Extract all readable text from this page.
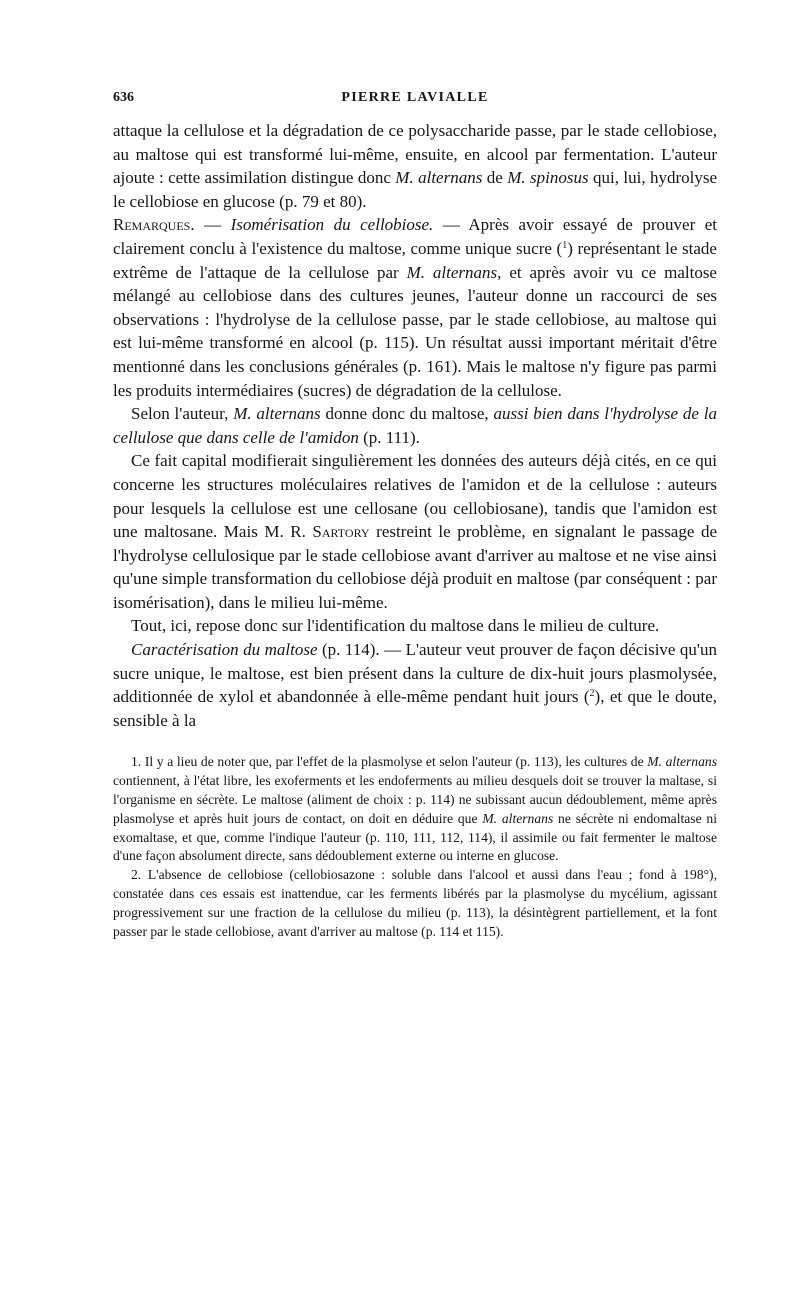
636	PIERRE LAVIALLE

attaque la cellulose et la dégradation de ce polysaccharide passe, par le stade cellobiose, au maltose qui est transformé lui-même, ensuite, en alcool par fermentation. L'auteur ajoute : cette assimilation distingue donc M. alternans de M. spinosus qui, lui, hydrolyse le cellobiose en glucose (p. 79 et 80).

Remarques. — Isomérisation du cellobiose. — Après avoir essayé de prouver et clairement conclu à l'existence du maltose, comme unique sucre ($^1$) représentant le stade extrême de l'attaque de la cellulose par M. alternans, et après avoir vu ce maltose mélangé au cellobiose dans des cultures jeunes, l'auteur donne un raccourci de ses observations : l'hydrolyse de la cellulose passe, par le stade cellobiose, au maltose qui est lui-même transformé en alcool (p. 115). Un résultat aussi important méritait d'être mentionné dans les conclusions générales (p. 161). Mais le maltose n'y figure pas parmi les produits intermédiaires (sucres) de dégradation de la cellulose.

Selon l'auteur, M. alternans donne donc du maltose, aussi bien dans l'hydrolyse de la cellulose que dans celle de l'amidon (p. 111).

Ce fait capital modifierait singulièrement les données des auteurs déjà cités, en ce qui concerne les structures moléculaires relatives de l'amidon et de la cellulose : auteurs pour lesquels la cellulose est une cellosane (ou cellobiosane), tandis que l'amidon est une maltosane. Mais M. R. Sartory restreint le problème, en signalant le passage de l'hydrolyse cellulosique par le stade cellobiose avant d'arriver au maltose et ne vise ainsi qu'une simple transformation du cellobiose déjà produit en maltose (par conséquent : par isomérisation), dans le milieu lui-même.

Tout, ici, repose donc sur l'identification du maltose dans le milieu de culture.

Caractérisation du maltose (p. 114). — L'auteur veut prouver de façon décisive qu'un sucre unique, le maltose, est bien présent dans la culture de dix-huit jours plasmolysée, additionnée de xylol et abandonnée à elle-même pendant huit jours ($^2$), et que le doute, sensible à la

1. Il y a lieu de noter que, par l'effet de la plasmolyse et selon l'auteur (p. 113), les cultures de M. alternans contiennent, à l'état libre, les exoferments et les endoferments au milieu desquels doit se trouver la maltase, si l'organisme en sécrète. Le maltose (aliment de choix : p. 114) ne subissant aucun dédoublement, même après plasmolyse et après huit jours de contact, on doit en déduire que M. alternans ne sécrète ni endomaltase ni exomaltase, et que, comme l'indique l'auteur (p. 110, 111, 112, 114), il assimile ou fait fermenter le maltose d'une façon absolument directe, sans dédoublement externe ou interne en glucose.

2. L'absence de cellobiose (cellobiosazone : soluble dans l'alcool et aussi dans l'eau ; fond à 198°), constatée dans ces essais est inattendue, car les ferments libérés par la plasmolyse du mycélium, agissant progressivement sur une fraction de la cellulose du milieu (p. 113), la désintègrent partiellement, et la font passer par le stade cellobiose, avant d'arriver au maltose (p. 114 et 115).
